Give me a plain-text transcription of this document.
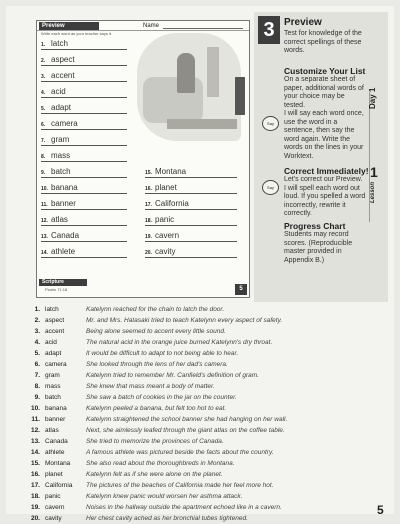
Preview	Name
Write each word as your teacher says it.
1. latch
2. aspect
3. accent
4. acid
5. adapt
6. camera
7. gram
8. mass
9. batch
10. banana
11. banner
12. atlas
13. Canada
14. athlete
15. Montana
16. planet
17. California
18. panic
19. cavern
20. cavity
Scripture
Psalm 71:18	5
3 Preview
Test for knowledge of the correct spellings of these words.
Customize Your List
On a separate sheet of paper, additional words of your choice may be tested.
Say
I will say each word once, use the word in a sentence, then say the word again. Write the words on the lines in your Worktext.
Say
Correct Immediately!
Let's correct our Preview. I will spell each word out loud. If you spelled a word incorrectly, rewrite it correctly.
Progress Chart
Students may record scores. (Reproducible master provided in Appendix B.)
Day 1
1
Lesson
1. latch	Katelynn reached for the chain to latch the door.
2. aspect	Mr. and Mrs. Hatasaki tried to teach Katelynn every aspect of safety.
3. accent	Being alone seemed to accent every little sound.
4. acid	The natural acid in the orange juice burned Katelynn's dry throat.
5. adapt	It would be difficult to adapt to not being able to hear.
6. camera	She looked through the lens of her dad's camera.
7. gram	Katelynn tried to remember Mr. Canfield's definition of gram.
8. mass	She knew that mass meant a body of matter.
9. batch	She saw a batch of cookies in the jar on the counter.
10. banana	Katelynn peeled a banana, but felt too hot to eat.
11. banner	Katelynn straightened the school banner she had hanging on her wall.
12. atlas	Next, she aimlessly leafed through the giant atlas on the coffee table.
13. Canada	She tried to memorize the provinces of Canada.
14. athlete	A famous athlete was pictured beside the facts about the country.
15. Montana She also read about the thoroughbreds in Montana.
16. planet	Katelynn felt as if she were alone on the planet.
17. California The pictures of the beaches of California made her feel more hot.
18. panic	Katelynn knew panic would worsen her asthma attack.
19. cavern	Noises in the hallway outside the apartment echoed like in a cavern.
20. cavity	Her chest cavity ached as her bronchial tubes tightened.
5
